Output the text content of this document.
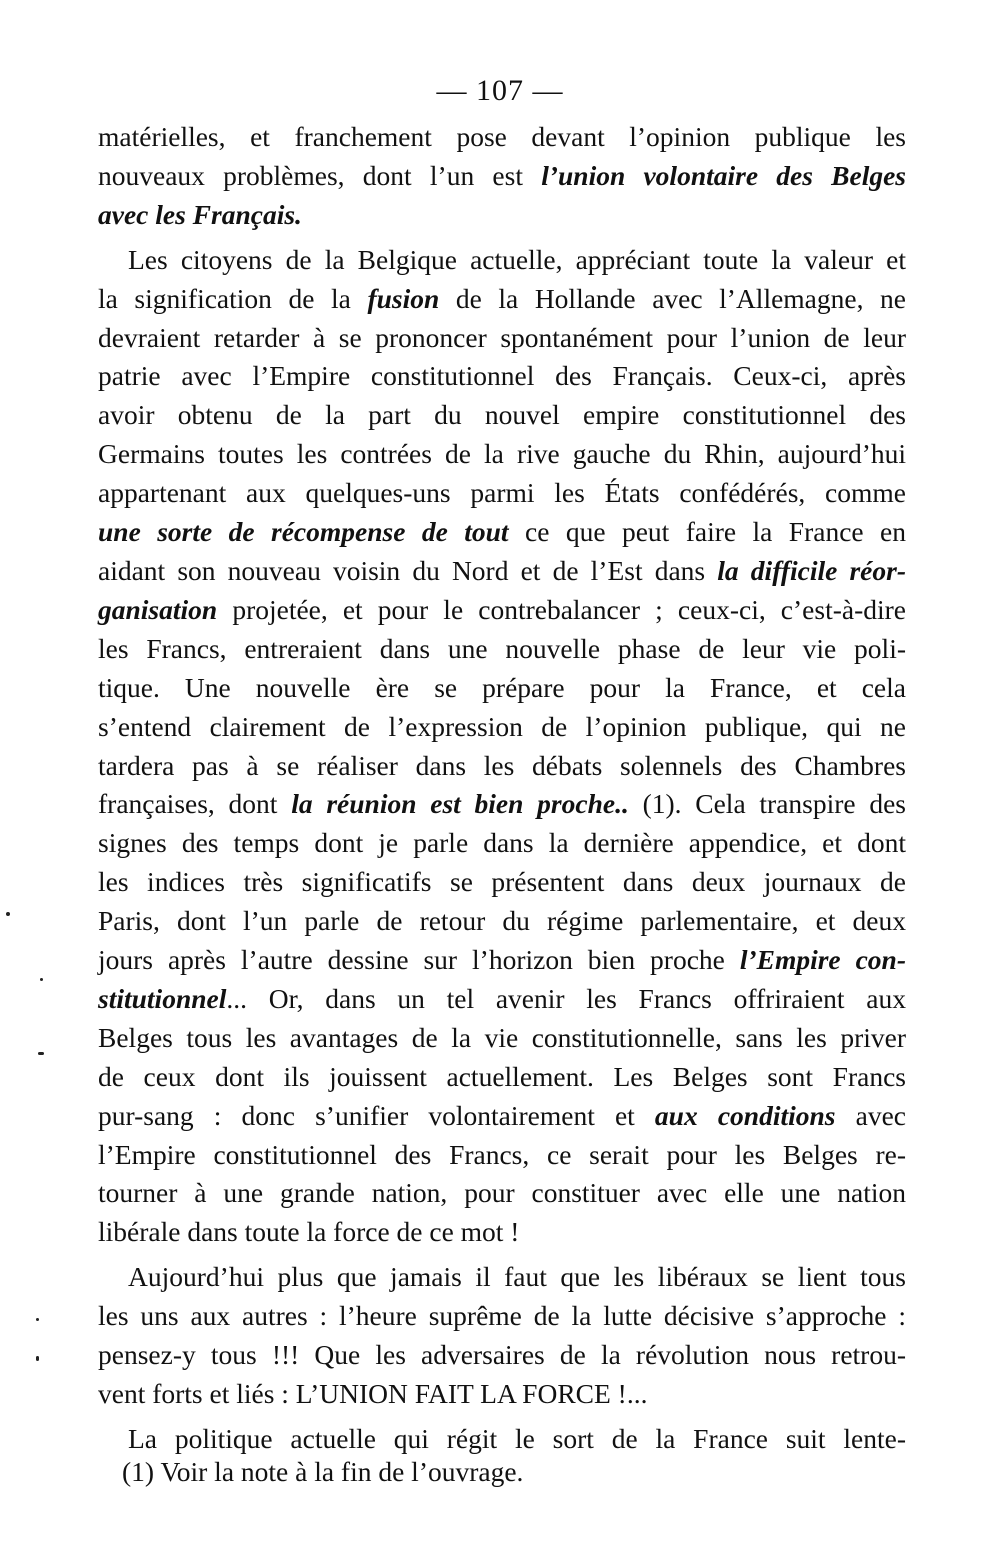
— 107 —
matérielles, et franchement pose devant l’opinion publique les
nouveaux problèmes, dont l’un est l’union volontaire des Belges
avec les Français.
Les citoyens de la Belgique actuelle, appréciant toute la valeur et
la signification de la fusion de la Hollande avec l’Allemagne, ne
devraient retarder à se prononcer spontanément pour l’union de leur
patrie avec l’Empire constitutionnel des Français. Ceux-ci, après
avoir obtenu de la part du nouvel empire constitutionnel des
Germains toutes les contrées de la rive gauche du Rhin, aujourd’hui
appartenant aux quelques-uns parmi les États confédérés, comme
une sorte de récompense de tout ce que peut faire la France en
aidant son nouveau voisin du Nord et de l’Est dans la difficile réor-
ganisation projetée, et pour le contrebalancer ; ceux-ci, c’est-à-dire
les Francs, entreraient dans une nouvelle phase de leur vie poli-
tique. Une nouvelle ère se prépare pour la France, et cela
s’entend clairement de l’expression de l’opinion publique, qui ne
tardera pas à se réaliser dans les débats solennels des Chambres
françaises, dont la réunion est bien proche.. (1). Cela transpire des
signes des temps dont je parle dans la dernière appendice, et dont
les indices très significatifs se présentent dans deux journaux de
Paris, dont l’un parle de retour du régime parlementaire, et deux
jours après l’autre dessine sur l’horizon bien proche l’Empire con-
stitutionnel... Or, dans un tel avenir les Francs offriraient aux
Belges tous les avantages de la vie constitutionnelle, sans les priver
de ceux dont ils jouissent actuellement. Les Belges sont Francs
pur-sang : donc s’unifier volontairement et aux conditions avec
l’Empire constitutionnel des Francs, ce serait pour les Belges re-
tourner à une grande nation, pour constituer avec elle une nation
libérale dans toute la force de ce mot !
Aujourd’hui plus que jamais il faut que les libéraux se lient tous
les uns aux autres : l’heure suprême de la lutte décisive s’approche :
pensez-y tous !!! Que les adversaires de la révolution nous retrou-
vent forts et liés : L’UNION FAIT LA FORCE !...
La politique actuelle qui régit le sort de la France suit lente-
(1) Voir la note à la fin de l’ouvrage.
